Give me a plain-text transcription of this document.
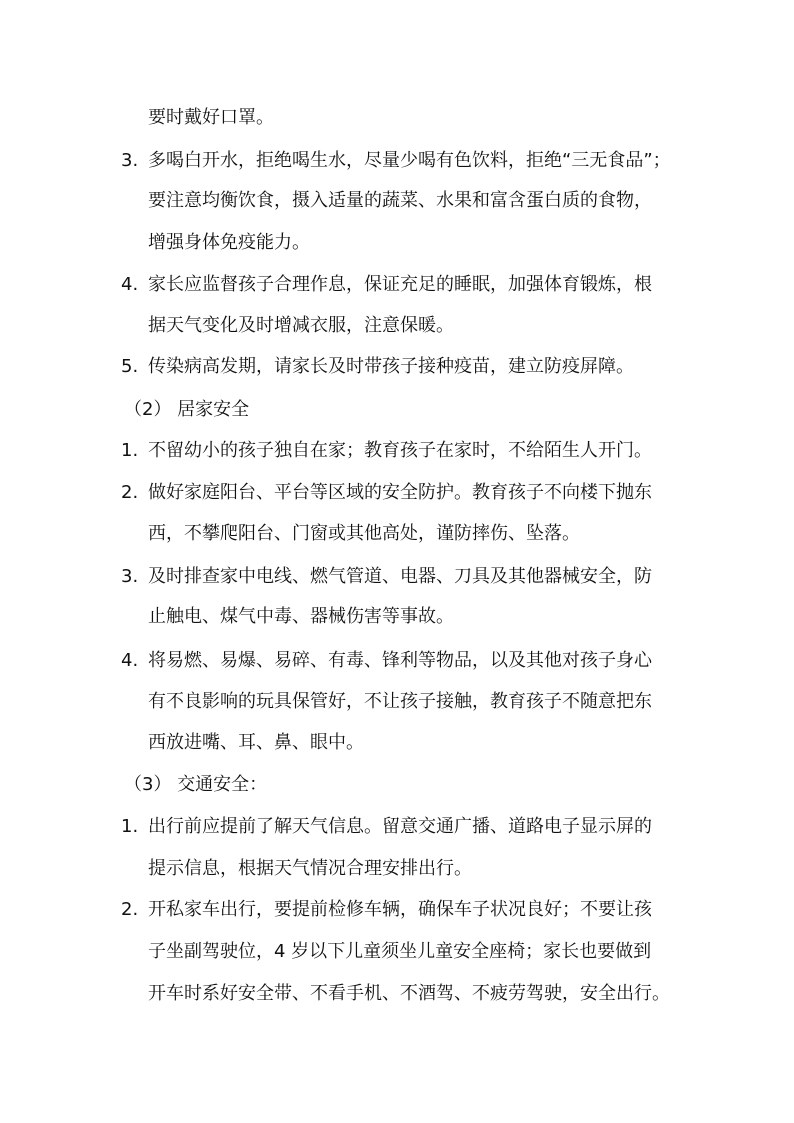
要时戴好口罩。
3. 多喝白开水，拒绝喝生水，尽量少喝有色饮料，拒绝“三无食品”；
要注意均衡饮食，摄入适量的蔬菜、水果和富含蛋白质的食物，
增强身体免疫能力。
4. 家长应监督孩子合理作息，保证充足的睡眠，加强体育锻炼，根
据天气变化及时增减衣服，注意保暖。
5. 传染病高发期，请家长及时带孩子接种疫苗，建立防疫屏障。
（2） 居家安全
1. 不留幼小的孩子独自在家；教育孩子在家时，不给陌生人开门。
2. 做好家庭阳台、平台等区域的安全防护。教育孩子不向楼下抛东
西，不攀爬阳台、门窗或其他高处，谨防摔伤、坠落。
3. 及时排查家中电线、燃气管道、电器、刀具及其他器械安全，防
止触电、煤气中毒、器械伤害等事故。
4. 将易燃、易爆、易碎、有毒、锋利等物品，以及其他对孩子身心
有不良影响的玩具保管好，不让孩子接触，教育孩子不随意把东
西放进嘴、耳、鼻、眼中。
（3） 交通安全：
1. 出行前应提前了解天气信息。留意交通广播、道路电子显示屏的
提示信息，根据天气情况合理安排出行。
2. 开私家车出行，要提前检修车辆，确保车子状况良好；不要让孩
子坐副驾驶位，4 岁以下儿童须坐儿童安全座椅；家长也要做到
开车时系好安全带、不看手机、不酒驾、不疲劳驾驶，安全出行。
